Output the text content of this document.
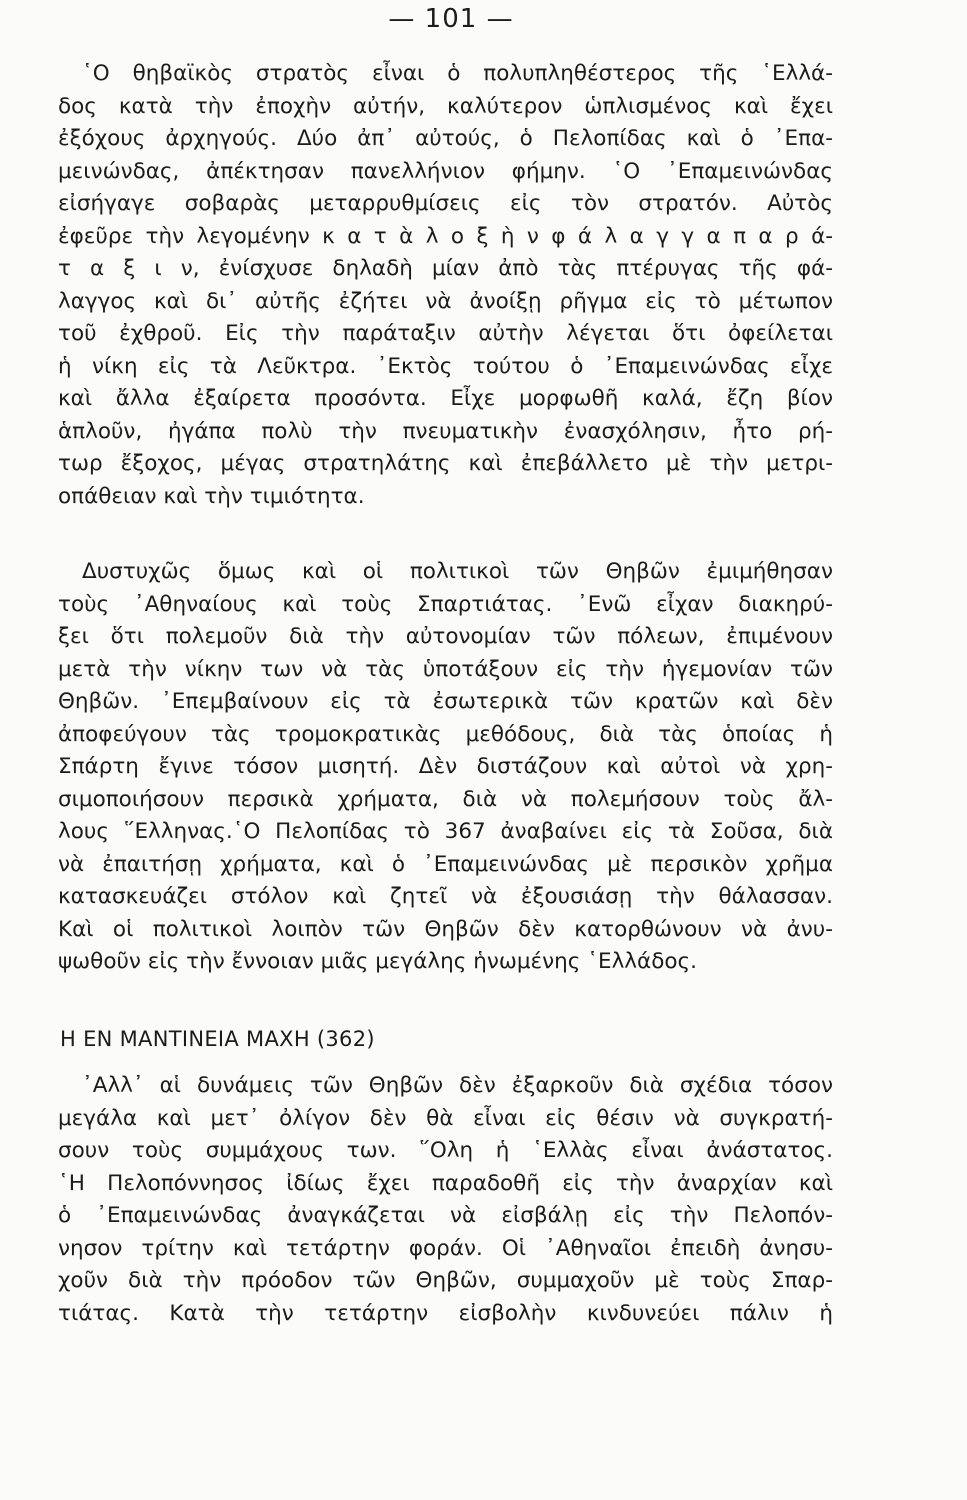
— 101 —
῾Ο θηβαϊκὸς στρατὸς εἶναι ὁ πολυπληθέστερος τῆς ῾Ελλά-
δος κατὰ τὴν ἐποχὴν αὐτήν, καλύτερον ὡπλισμένος καὶ ἔχει
ἐξόχους ἀρχηγούς. Δύο ἀπ᾽ αὐτούς, ὁ Πελοπίδας καὶ ὁ ᾽Επα-
μεινώνδας, ἀπέκτησαν πανελλήνιον φήμην. ῾Ο ᾽Επαμεινώνδας
εἰσήγαγε σοβαρὰς μεταρρυθμίσεις εἰς τὸν στρατόν. Αὐτὸς
ἐφεῦρε τὴν λεγομένην κ α τ ὰ λ ο ξ ὴ ν φ ά λ α γ γ α π α ρ ά-
τ α ξ ι ν, ἐνίσχυσε δηλαδὴ μίαν ἀπὸ τὰς πτέρυγας τῆς φά-
λαγγος καὶ δι᾽ αὐτῆς ἐζήτει νὰ ἀνοίξῃ ρῆγμα εἰς τὸ μέτωπον
τοῦ ἐχθροῦ. Εἰς τὴν παράταξιν αὐτὴν λέγεται ὅτι ὀφείλεται
ἡ νίκη εἰς τὰ Λεῦκτρα. ᾽Εκτὸς τούτου ὁ ᾽Επαμεινώνδας εἶχε
καὶ ἄλλα ἐξαίρετα προσόντα. Εἶχε μορφωθῆ καλά, ἔζη βίον
ἁπλοῦν, ἠγάπα πολὺ τὴν πνευματικὴν ἐνασχόλησιν, ἦτο ρή-
τωρ ἔξοχος, μέγας στρατηλάτης καὶ ἐπεβάλλετο μὲ τὴν μετρι-
οπάθειαν καὶ τὴν τιμιότητα.
Δυστυχῶς ὅμως καὶ οἱ πολιτικοὶ τῶν Θηβῶν ἐμιμήθησαν
τοὺς ᾽Αθηναίους καὶ τοὺς Σπαρτιάτας. ᾽Ενῶ εἶχαν διακηρύ-
ξει ὅτι πολεμοῦν διὰ τὴν αὐτονομίαν τῶν πόλεων, ἐπιμένουν
μετὰ τὴν νίκην των νὰ τὰς ὑποτάξουν εἰς τὴν ἡγεμονίαν τῶν
Θηβῶν. ᾽Επεμβαίνουν εἰς τὰ ἐσωτερικὰ τῶν κρατῶν καὶ δὲν
ἀποφεύγουν τὰς τρομοκρατικὰς μεθόδους, διὰ τὰς ὁποίας ἡ
Σπάρτη ἔγινε τόσον μισητή. Δὲν διστάζουν καὶ αὐτοὶ νὰ χρη-
σιμοποιήσουν περσικὰ χρήματα, διὰ νὰ πολεμήσουν τοὺς ἄλ-
λους ῞Ελληνας.῾Ο Πελοπίδας τὸ 367 ἀναβαίνει εἰς τὰ Σοῦσα, διὰ
νὰ ἐπαιτήσῃ χρήματα, καὶ ὁ ᾽Επαμεινώνδας μὲ περσικὸν χρῆμα
κατασκευάζει στόλον καὶ ζητεῖ νὰ ἐξουσιάσῃ τὴν θάλασσαν.
Καὶ οἱ πολιτικοὶ λοιπὸν τῶν Θηβῶν δὲν κατορθώνουν νὰ ἀνυ-
ψωθοῦν εἰς τὴν ἔννοιαν μιᾶς μεγάλης ἡνωμένης ῾Ελλάδος.
Η ΕΝ ΜΑΝΤΙΝΕΙΑ ΜΑΧΗ (362)
᾽Αλλ᾽ αἱ δυνάμεις τῶν Θηβῶν δὲν ἐξαρκοῦν διὰ σχέδια τόσον
μεγάλα καὶ μετ᾽ ὀλίγον δὲν θὰ εἶναι εἰς θέσιν νὰ συγκρατή-
σουν τοὺς συμμάχους των. ῞Ολη ἡ ῾Ελλὰς εἶναι ἀνάστατος.
῾Η Πελοπόννησος ἰδίως ἔχει παραδοθῆ εἰς τὴν ἀναρχίαν καὶ
ὁ ᾽Επαμεινώνδας ἀναγκάζεται νὰ εἰσβάλῃ εἰς τὴν Πελοπόν-
νησον τρίτην καὶ τετάρτην φοράν. Οἱ ᾽Αθηναῖοι ἐπειδὴ ἀνησυ-
χοῦν διὰ τὴν πρόοδον τῶν Θηβῶν, συμμαχοῦν μὲ τοὺς Σπαρ-
τιάτας. Κατὰ τὴν τετάρτην εἰσβολὴν κινδυνεύει πάλιν ἡ
